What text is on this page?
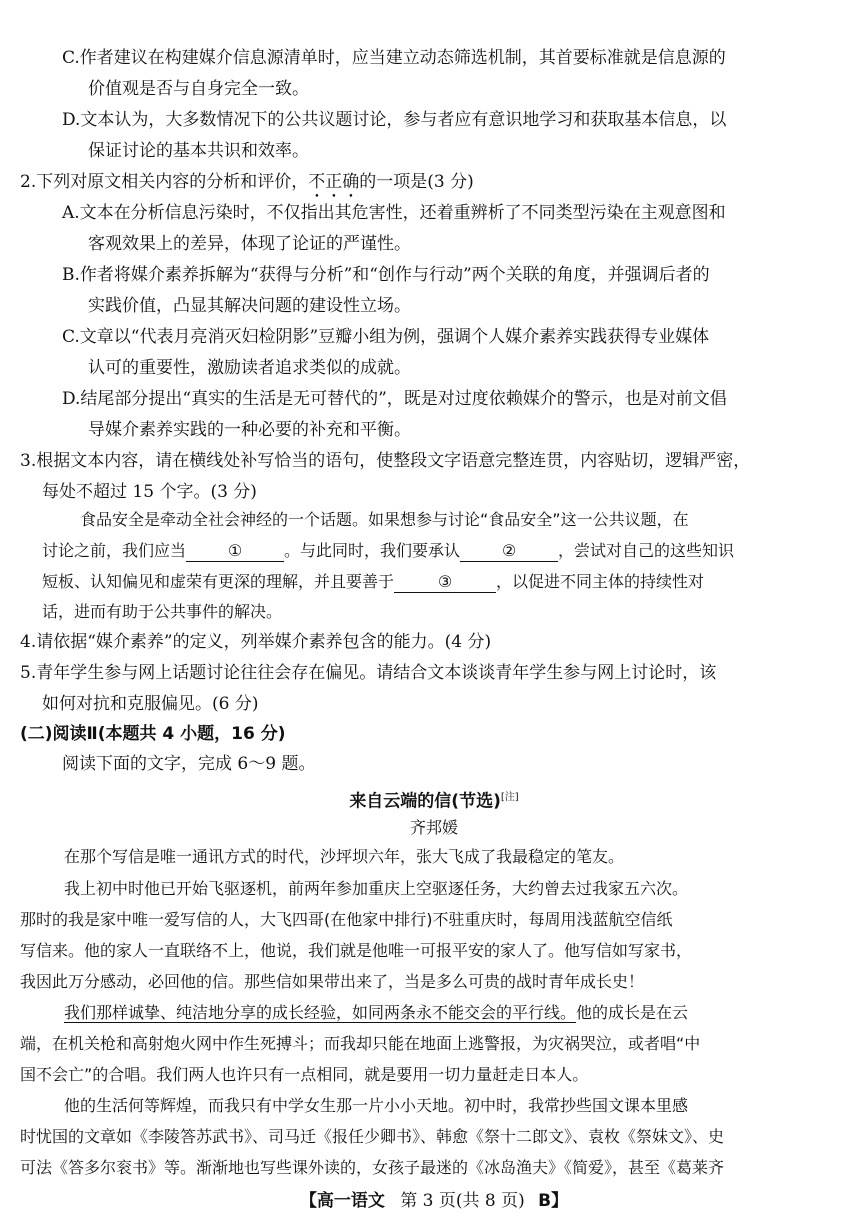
C.作者建议在构建媒介信息源清单时，应当建立动态筛选机制，其首要标准就是信息源的
价值观是否与自身完全一致。
D.文本认为，大多数情况下的公共议题讨论，参与者应有意识地学习和获取基本信息，以
保证讨论的基本共识和效率。
2.下列对原文相关内容的分析和评价，不正确的一项是(3 分)
A.文本在分析信息污染时，不仅指出其危害性，还着重辨析了不同类型污染在主观意图和
客观效果上的差异，体现了论证的严谨性。
B.作者将媒介素养拆解为“获得与分析”和“创作与行动”两个关联的角度，并强调后者的
实践价值，凸显其解决问题的建设性立场。
C.文章以“代表月亮消灭妇检阴影”豆瓣小组为例，强调个人媒介素养实践获得专业媒体
认可的重要性，激励读者追求类似的成就。
D.结尾部分提出“真实的生活是无可替代的”，既是对过度依赖媒介的警示，也是对前文倡
导媒介素养实践的一种必要的补充和平衡。
3.根据文本内容，请在横线处补写恰当的语句，使整段文字语意完整连贯，内容贴切，逻辑严密，
每处不超过 15 个字。(3 分)
食品安全是牵动全社会神经的一个话题。如果想参与讨论“食品安全”这一公共议题，在
讨论之前，我们应当	①	。与此同时，我们要承认	②	，尝试对自己的这些知识
短板、认知偏见和虚荣有更深的理解，并且要善于	③	，以促进不同主体的持续性对
话，进而有助于公共事件的解决。
4.请依据“媒介素养”的定义，列举媒介素养包含的能力。(4 分)
5.青年学生参与网上话题讨论往往会存在偏见。请结合文本谈谈青年学生参与网上讨论时，该
如何对抗和克服偏见。(6 分)
(二)阅读Ⅱ(本题共 4 小题，16 分)
阅读下面的文字，完成 6～9 题。
来自云端的信(节选)[注]
齐邦媛
在那个写信是唯一通讯方式的时代，沙坪坝六年，张大飞成了我最稳定的笔友。
我上初中时他已开始飞驱逐机，前两年参加重庆上空驱逐任务，大约曾去过我家五六次。
那时的我是家中唯一爱写信的人，大飞四哥(在他家中排行)不驻重庆时，每周用浅蓝航空信纸
写信来。他的家人一直联络不上，他说，我们就是他唯一可报平安的家人了。他写信如写家书，
我因此万分感动，必回他的信。那些信如果带出来了，当是多么可贵的战时青年成长史！
我们那样诚挚、纯洁地分享的成长经验，如同两条永不能交会的平行线。他的成长是在云
端，在机关枪和高射炮火网中作生死搏斗；而我却只能在地面上逃警报，为灾祸哭泣，或者唱“中
国不会亡”的合唱。我们两人也许只有一点相同，就是要用一切力量赶走日本人。
他的生活何等辉煌，而我只有中学女生那一片小小天地。初中时，我常抄些国文课本里感
时忧国的文章如《李陵答苏武书》、司马迁《报任少卿书》、韩愈《祭十二郎文》、袁枚《祭妹文》、史
可法《答多尔衮书》等。渐渐地也写些课外读的，女孩子最迷的《冰岛渔夫》《简爱》，甚至《葛莱齐
【高一语文 第 3 页(共 8 页) B】
